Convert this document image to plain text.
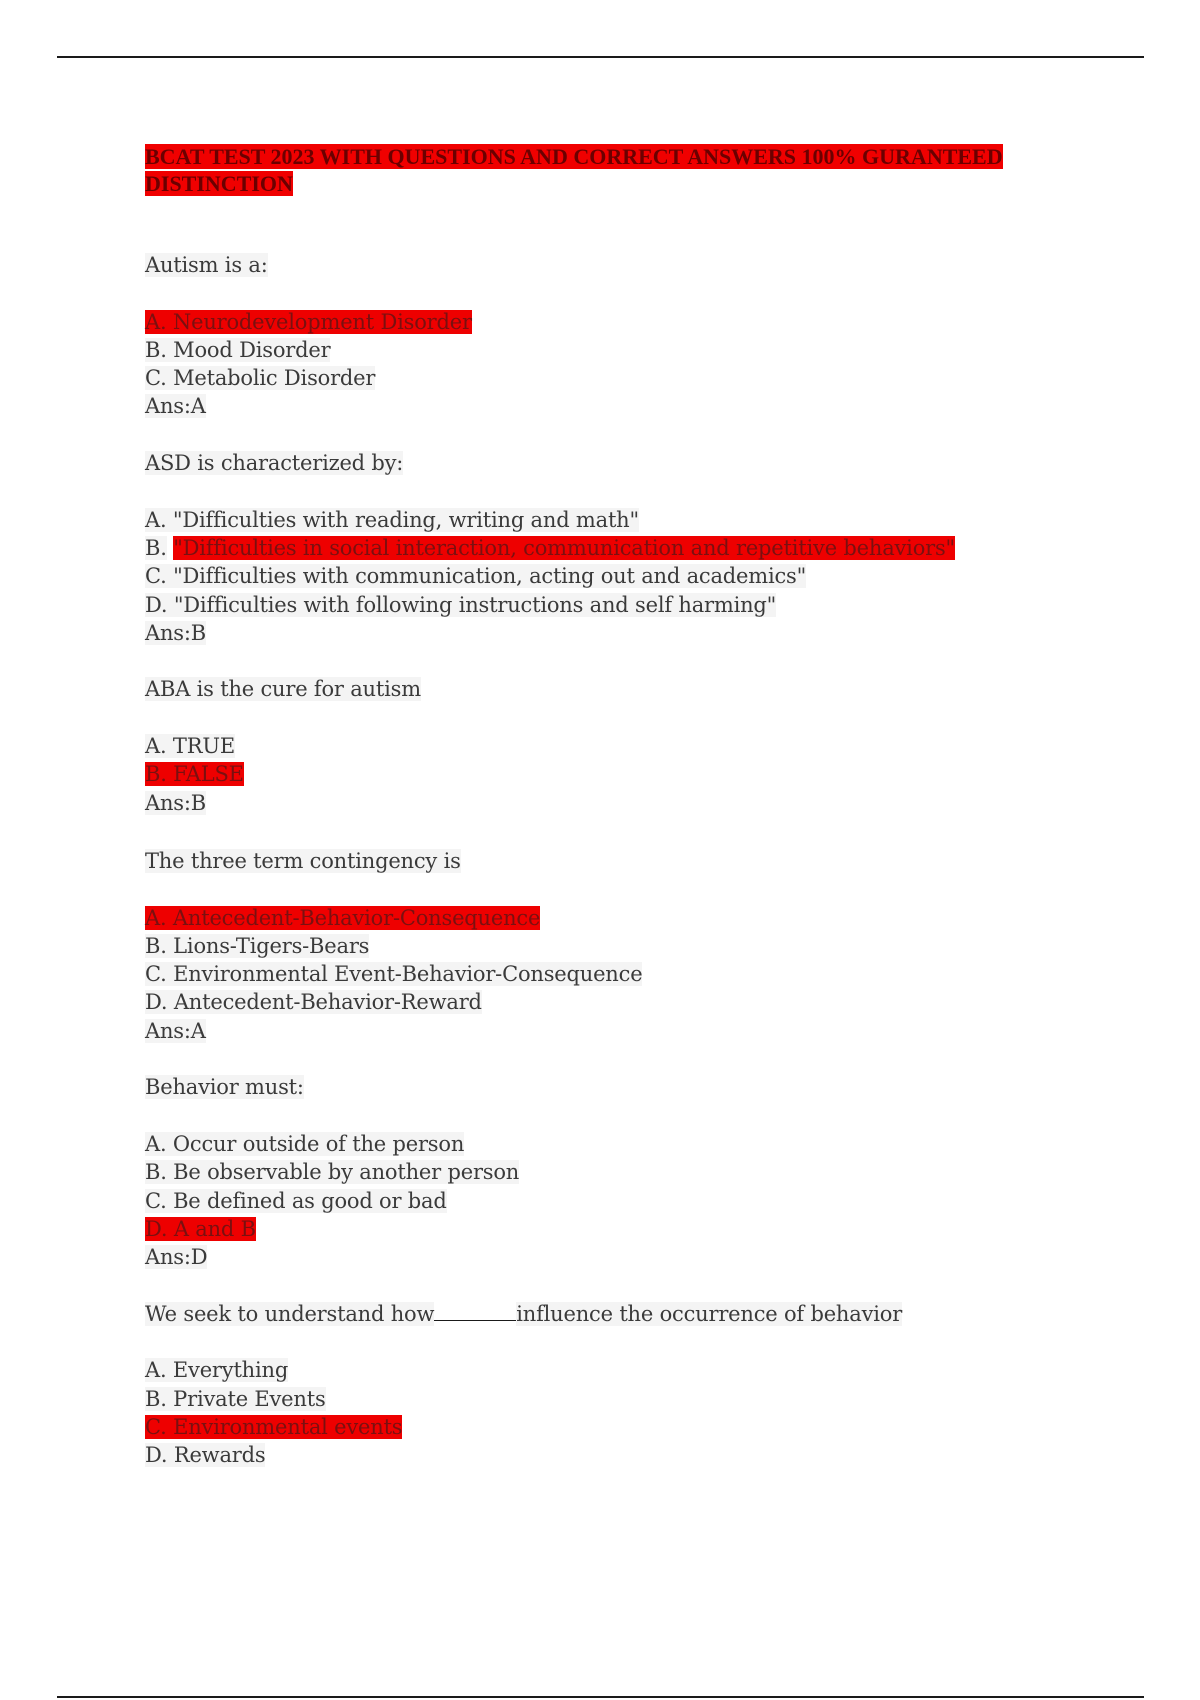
BCAT TEST 2023 WITH QUESTIONS AND CORRECT ANSWERS 100% GURANTEED DISTINCTION
Autism is a:
A. Neurodevelopment Disorder
B. Mood Disorder
C. Metabolic Disorder
Ans:A
ASD is characterized by:
A. "Difficulties with reading, writing and math"
B. "Difficulties in social interaction, communication and repetitive behaviors"
C. "Difficulties with communication, acting out and academics"
D. "Difficulties with following instructions and self harming"
Ans:B
ABA is the cure for autism
A. TRUE
B. FALSE
Ans:B
The three term contingency is
A. Antecedent-Behavior-Consequence
B. Lions-Tigers-Bears
C. Environmental Event-Behavior-Consequence
D. Antecedent-Behavior-Reward
Ans:A
Behavior must:
A. Occur outside of the person
B. Be observable by another person
C. Be defined as good or bad
D. A and B
Ans:D
We seek to understand how	influence the occurrence of behavior
A. Everything
B. Private Events
C. Environmental events
D. Rewards
